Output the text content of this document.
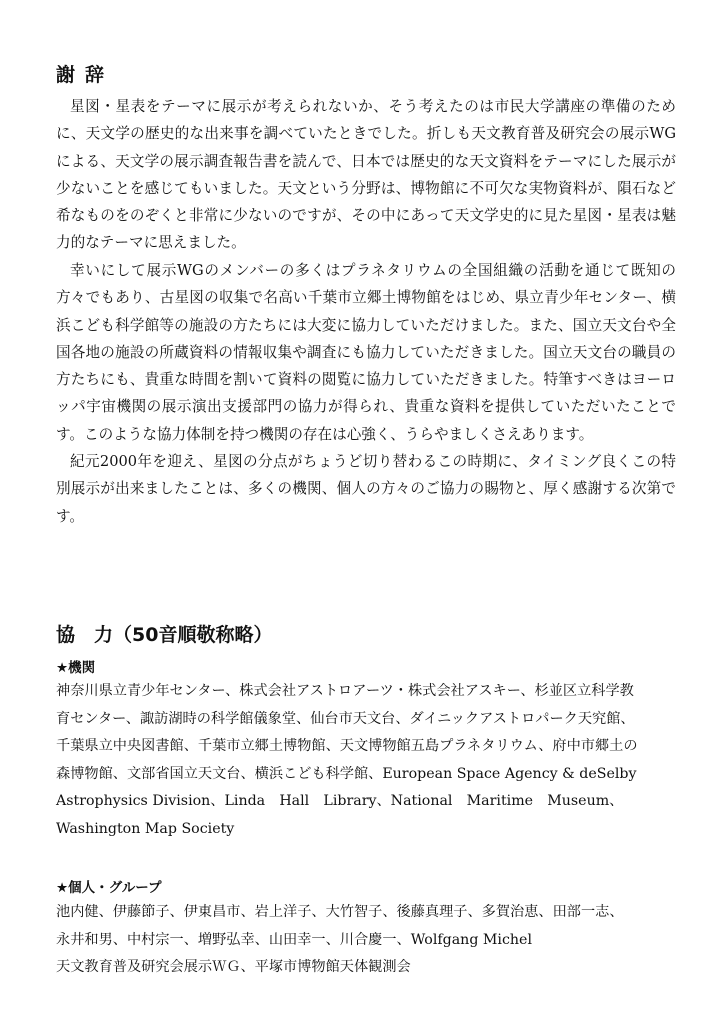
謝辞

星図・星表をテーマに展示が考えられないか、そう考えたのは市民大学講座の準備のために、天文学の歴史的な出来事を調べていたときでした。折しも天文教育普及研究会の展示WGによる、天文学の展示調査報告書を読んで、日本では歴史的な天文資料をテーマにした展示が少ないことを感じてもいました。天文という分野は、博物館に不可欠な実物資料が、隕石など希なものをのぞくと非常に少ないのですが、その中にあって天文学史的に見た星図・星表は魅力的なテーマに思えました。

幸いにして展示WGのメンバーの多くはプラネタリウムの全国組織の活動を通じて既知の方々でもあり、古星図の収集で名高い千葉市立郷土博物館をはじめ、県立青少年センター、横浜こども科学館等の施設の方たちには大変に協力していただけました。また、国立天文台や全国各地の施設の所蔵資料の情報収集や調査にも協力していただきました。国立天文台の職員の方たちにも、貴重な時間を割いて資料の閲覧に協力していただきました。特筆すべきはヨーロッパ宇宙機関の展示演出支援部門の協力が得られ、貴重な資料を提供していただいたことです。このような協力体制を持つ機関の存在は心強く、うらやましくさえあります。

紀元2000年を迎え、星図の分点がちょうど切り替わるこの時期に、タイミング良くこの特別展示が出来ましたことは、多くの機関、個人の方々のご協力の賜物と、厚く感謝する次第です。

協　力（50音順敬称略）
★機関
神奈川県立青少年センター、株式会社アストロアーツ・株式会社アスキー、杉並区立科学教
育センター、諏訪湖時の科学館儀象堂、仙台市天文台、ダイニックアストロパーク天究館、
千葉県立中央図書館、千葉市立郷土博物館、天文博物館五島プラネタリウム、府中市郷土の
森博物館、文部省国立天文台、横浜こども科学館、European Space Agency & deSelby
Astrophysics Division、Linda　Hall　Library、National　Maritime　Museum、
Washington Map Society
★個人・グループ
池内健、伊藤節子、伊東昌市、岩上洋子、大竹智子、後藤真理子、多賀治恵、田部一志、
永井和男、中村宗一、増野弘幸、山田幸一、川合慶一、Wolfgang Michel
天文教育普及研究会展示ＷＧ、平塚市博物館天体観測会
